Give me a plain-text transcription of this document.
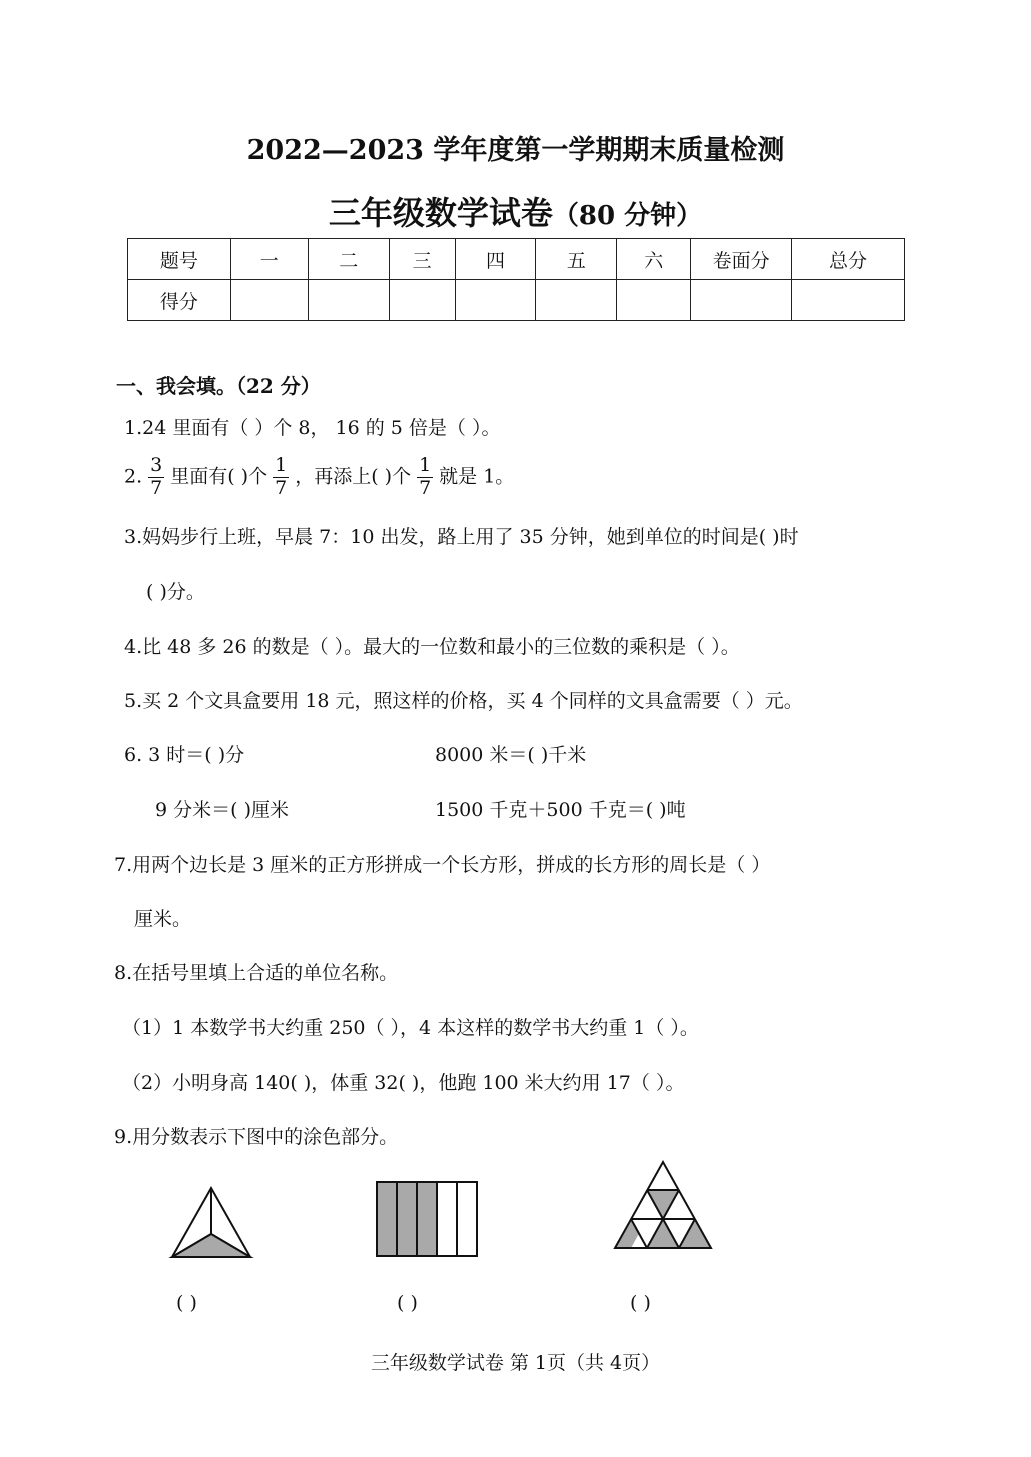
2022—2023 学年度第一学期期末质量检测
三年级数学试卷（80 分钟）
题号	一	二	三	四	五	六	卷面分	总分
得分								
一、我会填。（22 分）
1.24 里面有（ ）个 8， 16 的 5 倍是（ ）。
2. $\frac{3}{7}$ 里面有( )个 $\frac{1}{7}$ ，再添上( )个 $\frac{1}{7}$ 就是 1。
3.妈妈步行上班，早晨 7：10 出发，路上用了 35 分钟，她到单位的时间是( )时
( )分。
4.比 48 多 26 的数是（ ）。最大的一位数和最小的三位数的乘积是（ ）。
5.买 2 个文具盒要用 18 元，照这样的价格，买 4 个同样的文具盒需要（ ）元。
6. 3 时＝( )分	8000 米＝( )千米
9 分米＝( )厘米	1500 千克＋500 千克＝( )吨
7.用两个边长是 3 厘米的正方形拼成一个长方形，拼成的长方形的周长是（ ）
厘米。
8.在括号里填上合适的单位名称。
（1）1 本数学书大约重 250（ ），4 本这样的数学书大约重 1（ ）。
（2）小明身高 140( )，体重 32( )，他跑 100 米大约用 17（ ）。
9.用分数表示下图中的涂色部分。
( )	( )	( )
三年级数学试卷 第 1页（共 4页）
